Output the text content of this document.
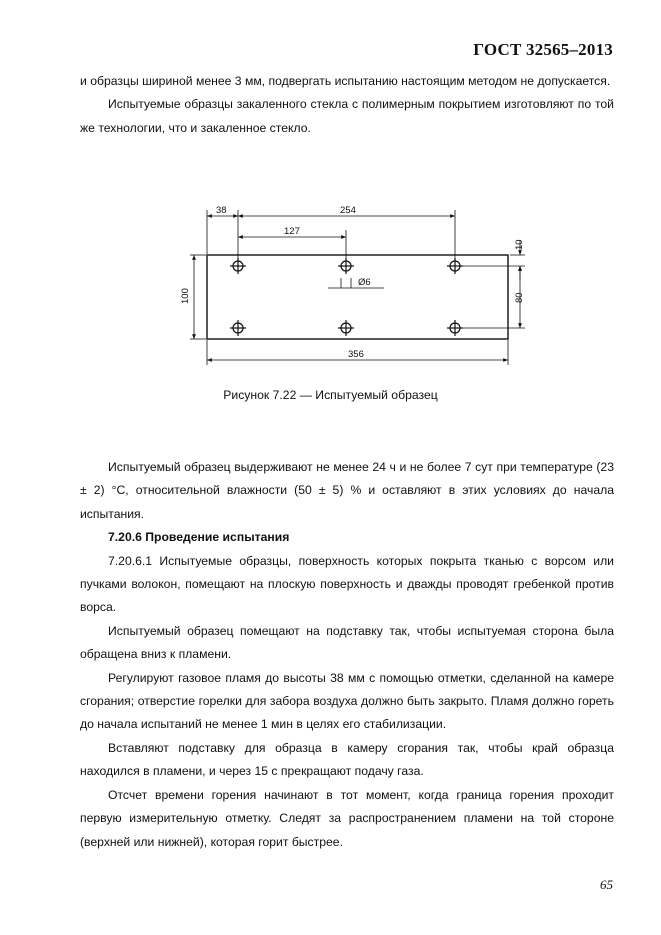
ГОСТ 32565–2013

и образцы шириной менее 3 мм, подвергать испытанию настоящим методом не допускается.

Испытуемые образцы закаленного стекла с полимерным покрытием изготовляют по той же технологии, что и закаленное стекло.

38	254
127
Ø6
100
10
80
356
Рисунок 7.22 — Испытуемый образец

Испытуемый образец выдерживают не менее 24 ч и не более 7 сут при температуре (23 ± 2) °С, относительной влажности (50 ± 5) % и оставляют в этих условиях до начала испытания.

7.20.6 Проведение испытания

7.20.6.1 Испытуемые образцы, поверхность которых покрыта тканью с ворсом или пучками волокон, помещают на плоскую поверхность и дважды проводят гребенкой против ворса.

Испытуемый образец помещают на подставку так, чтобы испытуемая сторона была обращена вниз к пламени.

Регулируют газовое пламя до высоты 38 мм с помощью отметки, сделанной на камере сгорания; отверстие горелки для забора воздуха должно быть закрыто. Пламя должно гореть до начала испытаний не менее 1 мин в целях его стабилизации.

Вставляют подставку для образца в камеру сгорания так, чтобы край образца находился в пламени, и через 15 с прекращают подачу газа.

Отсчет времени горения начинают в тот момент, когда граница горения проходит первую измерительную отметку. Следят за распространением пламени на той стороне (верхней или нижней), которая горит быстрее.

65
